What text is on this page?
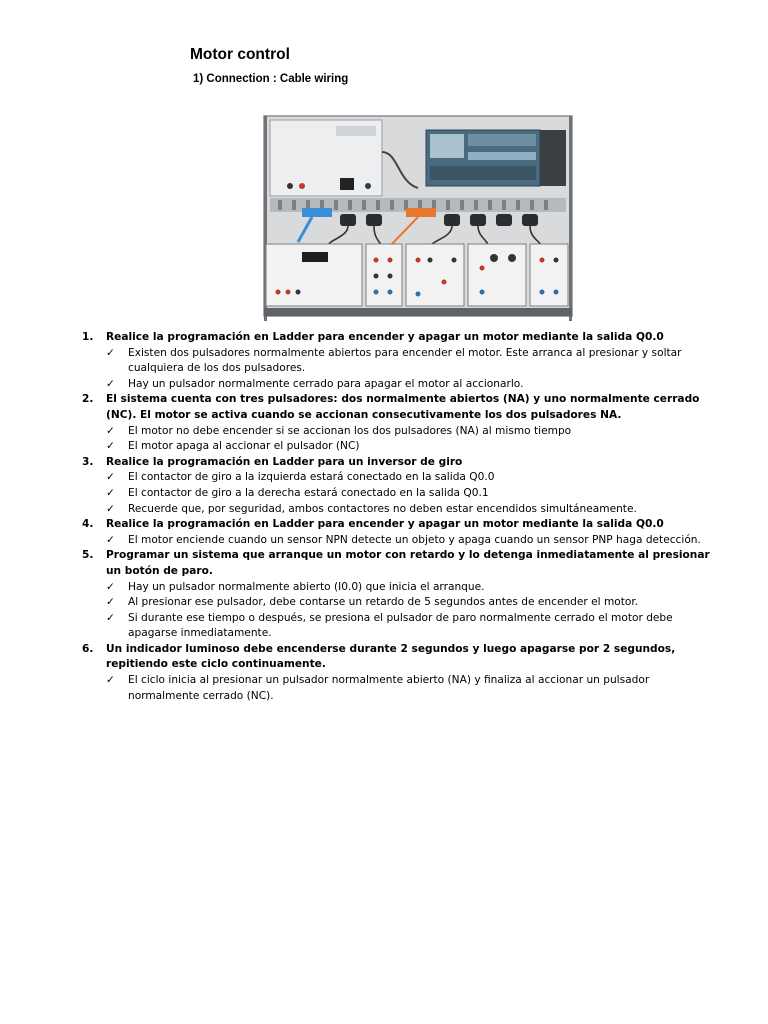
Motor control
1) Connection : Cable wiring
1. Realice la programación en Ladder para encender y apagar un motor mediante la salida Q0.0
✓ Existen dos pulsadores normalmente abiertos para encender el motor. Este arranca al presionar y soltar cualquiera de los dos pulsadores.
✓ Hay un pulsador normalmente cerrado para apagar el motor al accionarlo.
2. El sistema cuenta con tres pulsadores: dos normalmente abiertos (NA) y uno normalmente cerrado (NC). El motor se activa cuando se accionan consecutivamente los dos pulsadores NA.
✓ El motor no debe encender si se accionan los dos pulsadores (NA) al mismo tiempo
✓ El motor apaga al accionar el pulsador (NC)
3. Realice la programación en Ladder para un inversor de giro
✓ El contactor de giro a la izquierda estará conectado en la salida Q0.0
✓ El contactor de giro a la derecha estará conectado en la salida Q0.1
✓ Recuerde que, por seguridad, ambos contactores no deben estar encendidos simultáneamente.
4. Realice la programación en Ladder para encender y apagar un motor mediante la salida Q0.0
✓ El motor enciende cuando un sensor NPN detecte un objeto y apaga cuando un sensor PNP haga detección.
5. Programar un sistema que arranque un motor con retardo y lo detenga inmediatamente al presionar un botón de paro.
✓ Hay un pulsador normalmente abierto (I0.0) que inicia el arranque.
✓ Al presionar ese pulsador, debe contarse un retardo de 5 segundos antes de encender el motor.
✓ Si durante ese tiempo o después, se presiona el pulsador de paro normalmente cerrado el motor debe apagarse inmediatamente.
6. Un indicador luminoso debe encenderse durante 2 segundos y luego apagarse por 2 segundos, repitiendo este ciclo continuamente.
✓ El ciclo inicia al presionar un pulsador normalmente abierto (NA) y finaliza al accionar un pulsador normalmente cerrado (NC).
